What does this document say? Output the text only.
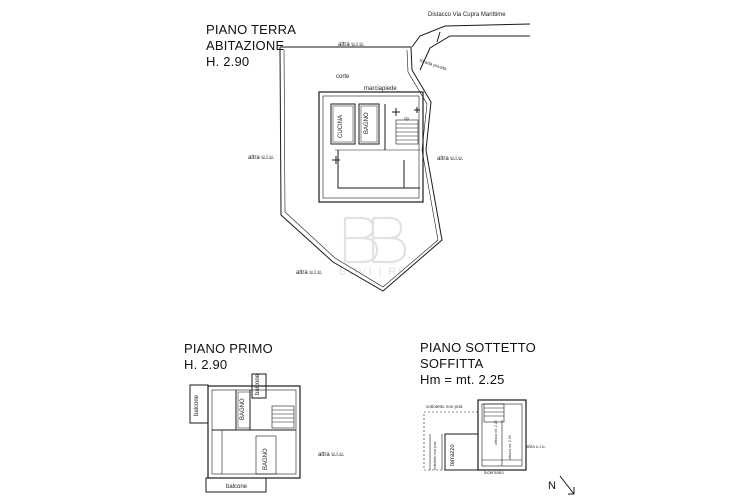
BOVI | RE
PIANO TERRA
ABITAZIONE
H. 2.90
Distacco Via Cupra Marittime
Strada privata
altra u.i.u.
corte
marciapiede
altra u.i.u.	altra u.i.u.
altra u.i.u.
CUCINA	BAGNO	rip.
PIANO PRIMO
H. 2.90
balcone
balcone
BAGNO
BAGNO
balcone
altra u.i.u.
PIANO SOTTETTO
SOFFITTA
Hm = mt. 2.25
sottotetto non prat.
terrazzo	altra u.i.u.
lucernario
sottotetto non prat.
altezza mt. 2.25
altezza mt. 2.00
N
